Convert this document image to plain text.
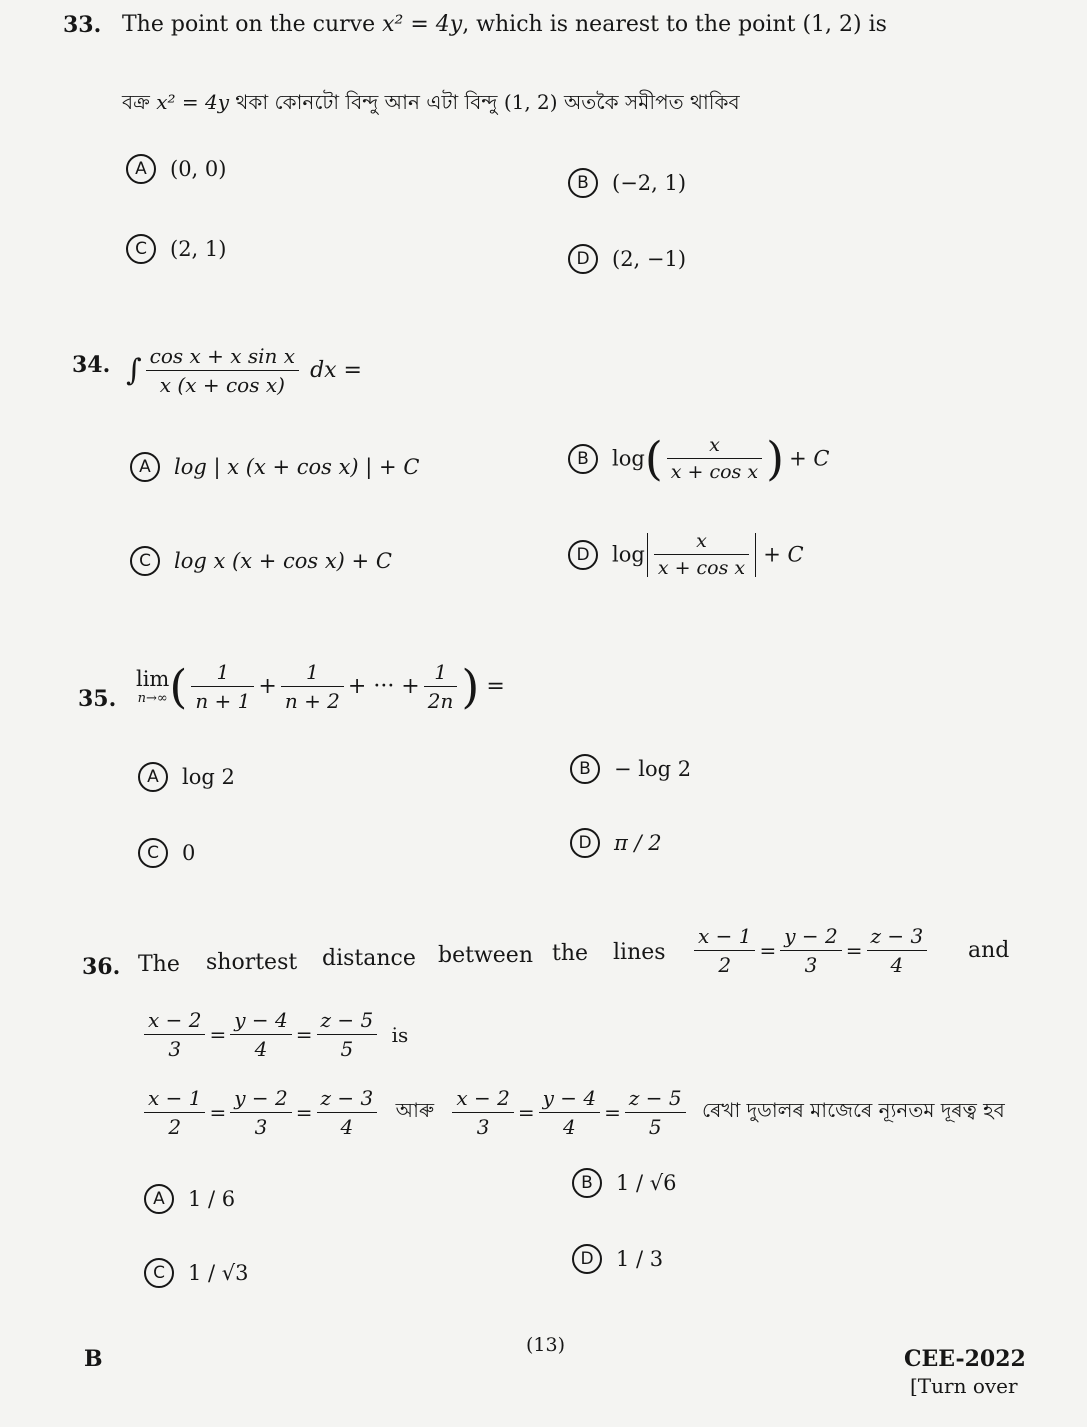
33. The point on the curve x² = 4y, which is nearest to the point (1, 2) is
বক্ৰ x² = 4y থকা কোনটো বিন্দু আন এটা বিন্দু (1, 2) অতকৈ সমীপত থাকিব
A (0, 0)
B (−2, 1)
C (2, 1)	D (2, −1)
34. ∫ $\frac{\text{cos x + x sin x}}{\text{x (x + cos x)}}$ dx =
A log | x (x + cos x) | + C	B $\log( \frac{x}{\text{x + cos x}}$ ) + C
C log x (x + cos x) + C	D $\log \frac{x}{\text{x + cos x}} + C$
35.
lim
n→∞ ( $\frac{1}{n + 1} + \frac{1}{n + 2}$ + ··· + $\frac{1}{2n}$ ) =
A log 2	B − log 2
C 0	D π / 2
36. The shortest distance between the lines $\frac{x - 1}{2} = \frac{y - 2}{3} = \frac{z - 3}{4}$ and
$\frac{x - 2}{3} = \frac{y - 4}{4} = \frac{z - 5}{5}$ is
$\frac{x - 1}{2} = \frac{y - 2}{3} = \frac{z - 3}{4}$ আৰু $\frac{x - 2}{3} = \frac{y - 4}{4} = \frac{z - 5}{5}$ ৰেখা দুডালৰ মাজেৰে ন্যূনতম দূৰত্ব হব
A 1 / 6
B 1 / √6
C 1 / √3
D 1 / 3
B
(13)
CEE-2022
[Turn over
